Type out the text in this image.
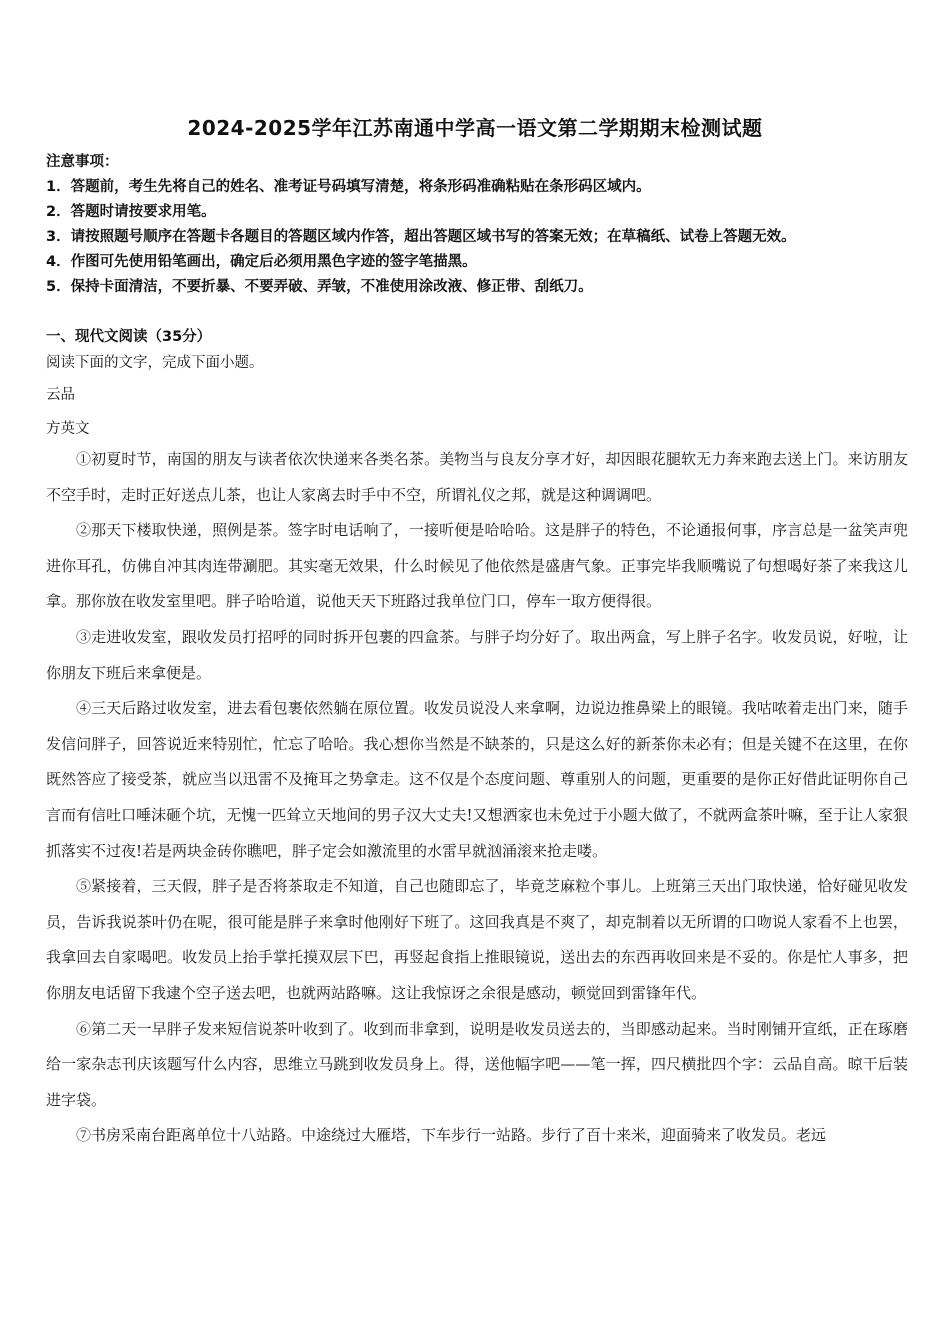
2024-2025学年江苏南通中学高一语文第二学期期末检测试题
注意事项：
1．答题前，考生先将自己的姓名、准考证号码填写清楚，将条形码准确粘贴在条形码区域内。
2．答题时请按要求用笔。
3．请按照题号顺序在答题卡各题目的答题区域内作答，超出答题区域书写的答案无效；在草稿纸、试卷上答题无效。
4．作图可先使用铅笔画出，确定后必须用黑色字迹的签字笔描黑。
5．保持卡面清洁，不要折暴、不要弄破、弄皱，不准使用涂改液、修正带、刮纸刀。
一、现代文阅读（35分）
阅读下面的文字，完成下面小题。
云品
方英文

①初夏时节，南国的朋友与读者依次快递来各类名茶。美物当与良友分享才好，却因眼花腿软无力奔来跑去送上门。来访朋友不空手时，走时正好送点儿茶，也让人家离去时手中不空，所谓礼仪之邦，就是这种调调吧。

②那天下楼取快递，照例是茶。签字时电话响了，一接听便是哈哈哈。这是胖子的特色，不论通报何事，序言总是一盆笑声兜进你耳孔，仿佛自冲其肉连带涮肥。其实毫无效果，什么时候见了他依然是盛唐气象。正事完毕我顺嘴说了句想喝好茶了来我这儿拿。那你放在收发室里吧。胖子哈哈道，说他天天下班路过我单位门口，停车一取方便得很。

③走进收发室，跟收发员打招呼的同时拆开包裹的四盒茶。与胖子均分好了。取出两盒，写上胖子名字。收发员说，好啦，让你朋友下班后来拿便是。

④三天后路过收发室，进去看包裹依然躺在原位置。收发员说没人来拿啊，边说边推鼻梁上的眼镜。我咕哝着走出门来，随手发信问胖子，回答说近来特别忙，忙忘了哈哈。我心想你当然是不缺茶的，只是这么好的新茶你未必有；但是关键不在这里，在你既然答应了接受茶，就应当以迅雷不及掩耳之势拿走。这不仅是个态度问题、尊重别人的问题，更重要的是你正好借此证明你自己言而有信吐口唾沫砸个坑，无愧一匹耸立天地间的男子汉大丈夫!又想洒家也未免过于小题大做了，不就两盒茶叶嘛，至于让人家狠抓落实不过夜!若是两块金砖你瞧吧，胖子定会如激流里的水雷早就汹涌滚来抢走喽。

⑤紧接着，三天假，胖子是否将茶取走不知道，自己也随即忘了，毕竟芝麻粒个事儿。上班第三天出门取快递，恰好碰见收发员，告诉我说茶叶仍在呢，很可能是胖子来拿时他刚好下班了。这回我真是不爽了，却克制着以无所谓的口吻说人家看不上也罢，我拿回去自家喝吧。收发员上抬手掌托摸双层下巴，再竖起食指上推眼镜说，送出去的东西再收回来是不妥的。你是忙人事多，把你朋友电话留下我逮个空子送去吧，也就两站路嘛。这让我惊讶之余很是感动，顿觉回到雷锋年代。

⑥第二天一早胖子发来短信说茶叶收到了。收到而非拿到，说明是收发员送去的，当即感动起来。当时刚铺开宣纸，正在琢磨给一家杂志刊庆该题写什么内容，思维立马跳到收发员身上。得，送他幅字吧——笔一挥，四尺横批四个字：云品自高。晾干后装进字袋。

⑦书房采南台距离单位十八站路。中途绕过大雁塔，下车步行一站路。步行了百十来米，迎面骑来了收发员。老远
